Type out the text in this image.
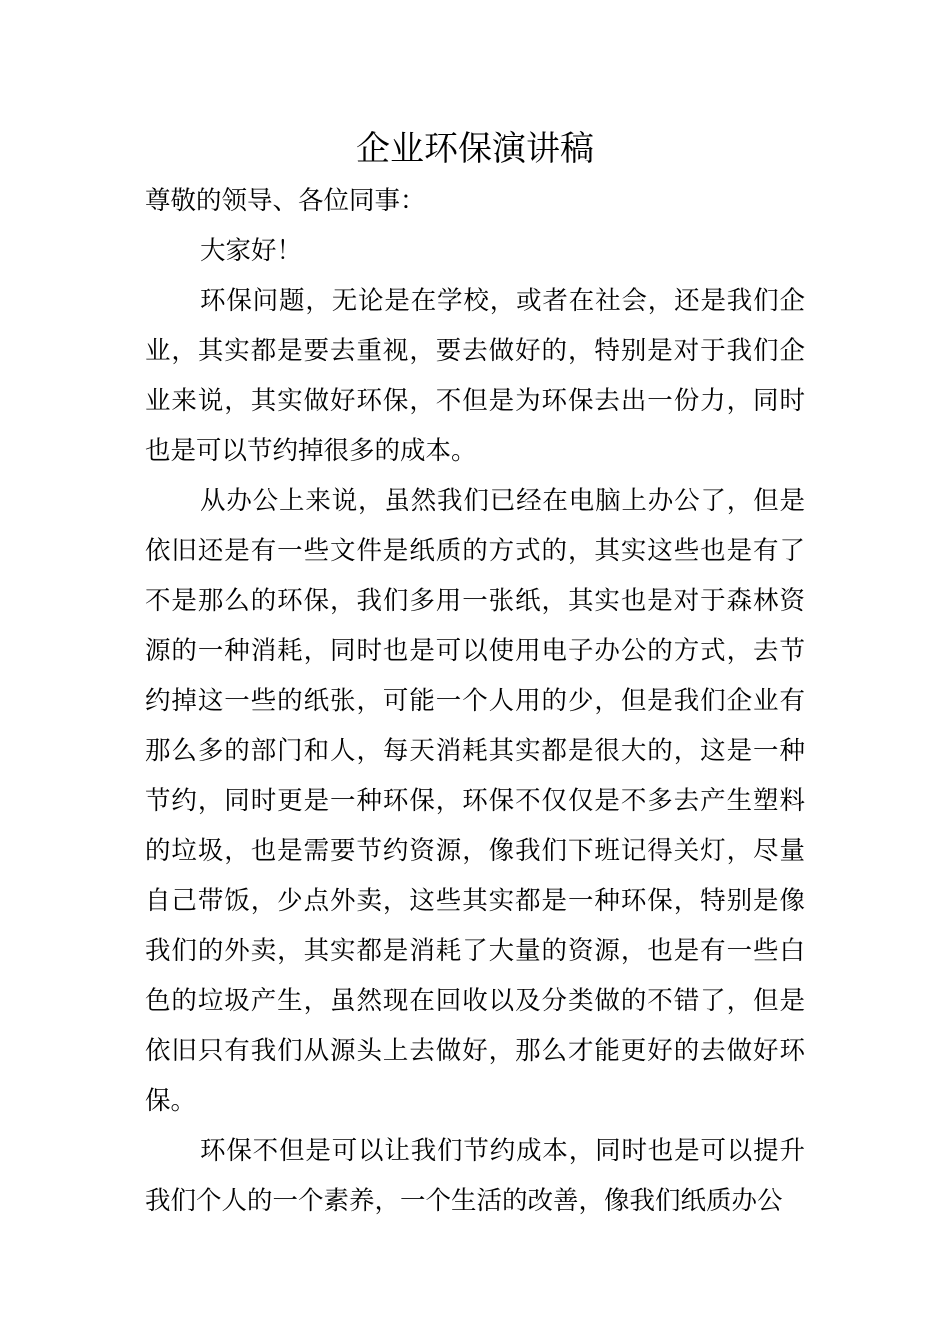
企业环保演讲稿

尊敬的领导、各位同事：

大家好！

环保问题，无论是在学校，或者在社会，还是我们企业，其实都是要去重视，要去做好的，特别是对于我们企业来说，其实做好环保，不但是为环保去出一份力，同时也是可以节约掉很多的成本。

从办公上来说，虽然我们已经在电脑上办公了，但是依旧还是有一些文件是纸质的方式的，其实这些也是有了不是那么的环保，我们多用一张纸，其实也是对于森林资源的一种消耗，同时也是可以使用电子办公的方式，去节约掉这一些的纸张，可能一个人用的少，但是我们企业有那么多的部门和人，每天消耗其实都是很大的，这是一种节约，同时更是一种环保，环保不仅仅是不多去产生塑料的垃圾，也是需要节约资源，像我们下班记得关灯，尽量自己带饭，少点外卖，这些其实都是一种环保，特别是像我们的外卖，其实都是消耗了大量的资源，也是有一些白色的垃圾产生，虽然现在回收以及分类做的不错了，但是依旧只有我们从源头上去做好，那么才能更好的去做好环保。

环保不但是可以让我们节约成本，同时也是可以提升我们个人的一个素养，一个生活的改善，像我们纸质办公
